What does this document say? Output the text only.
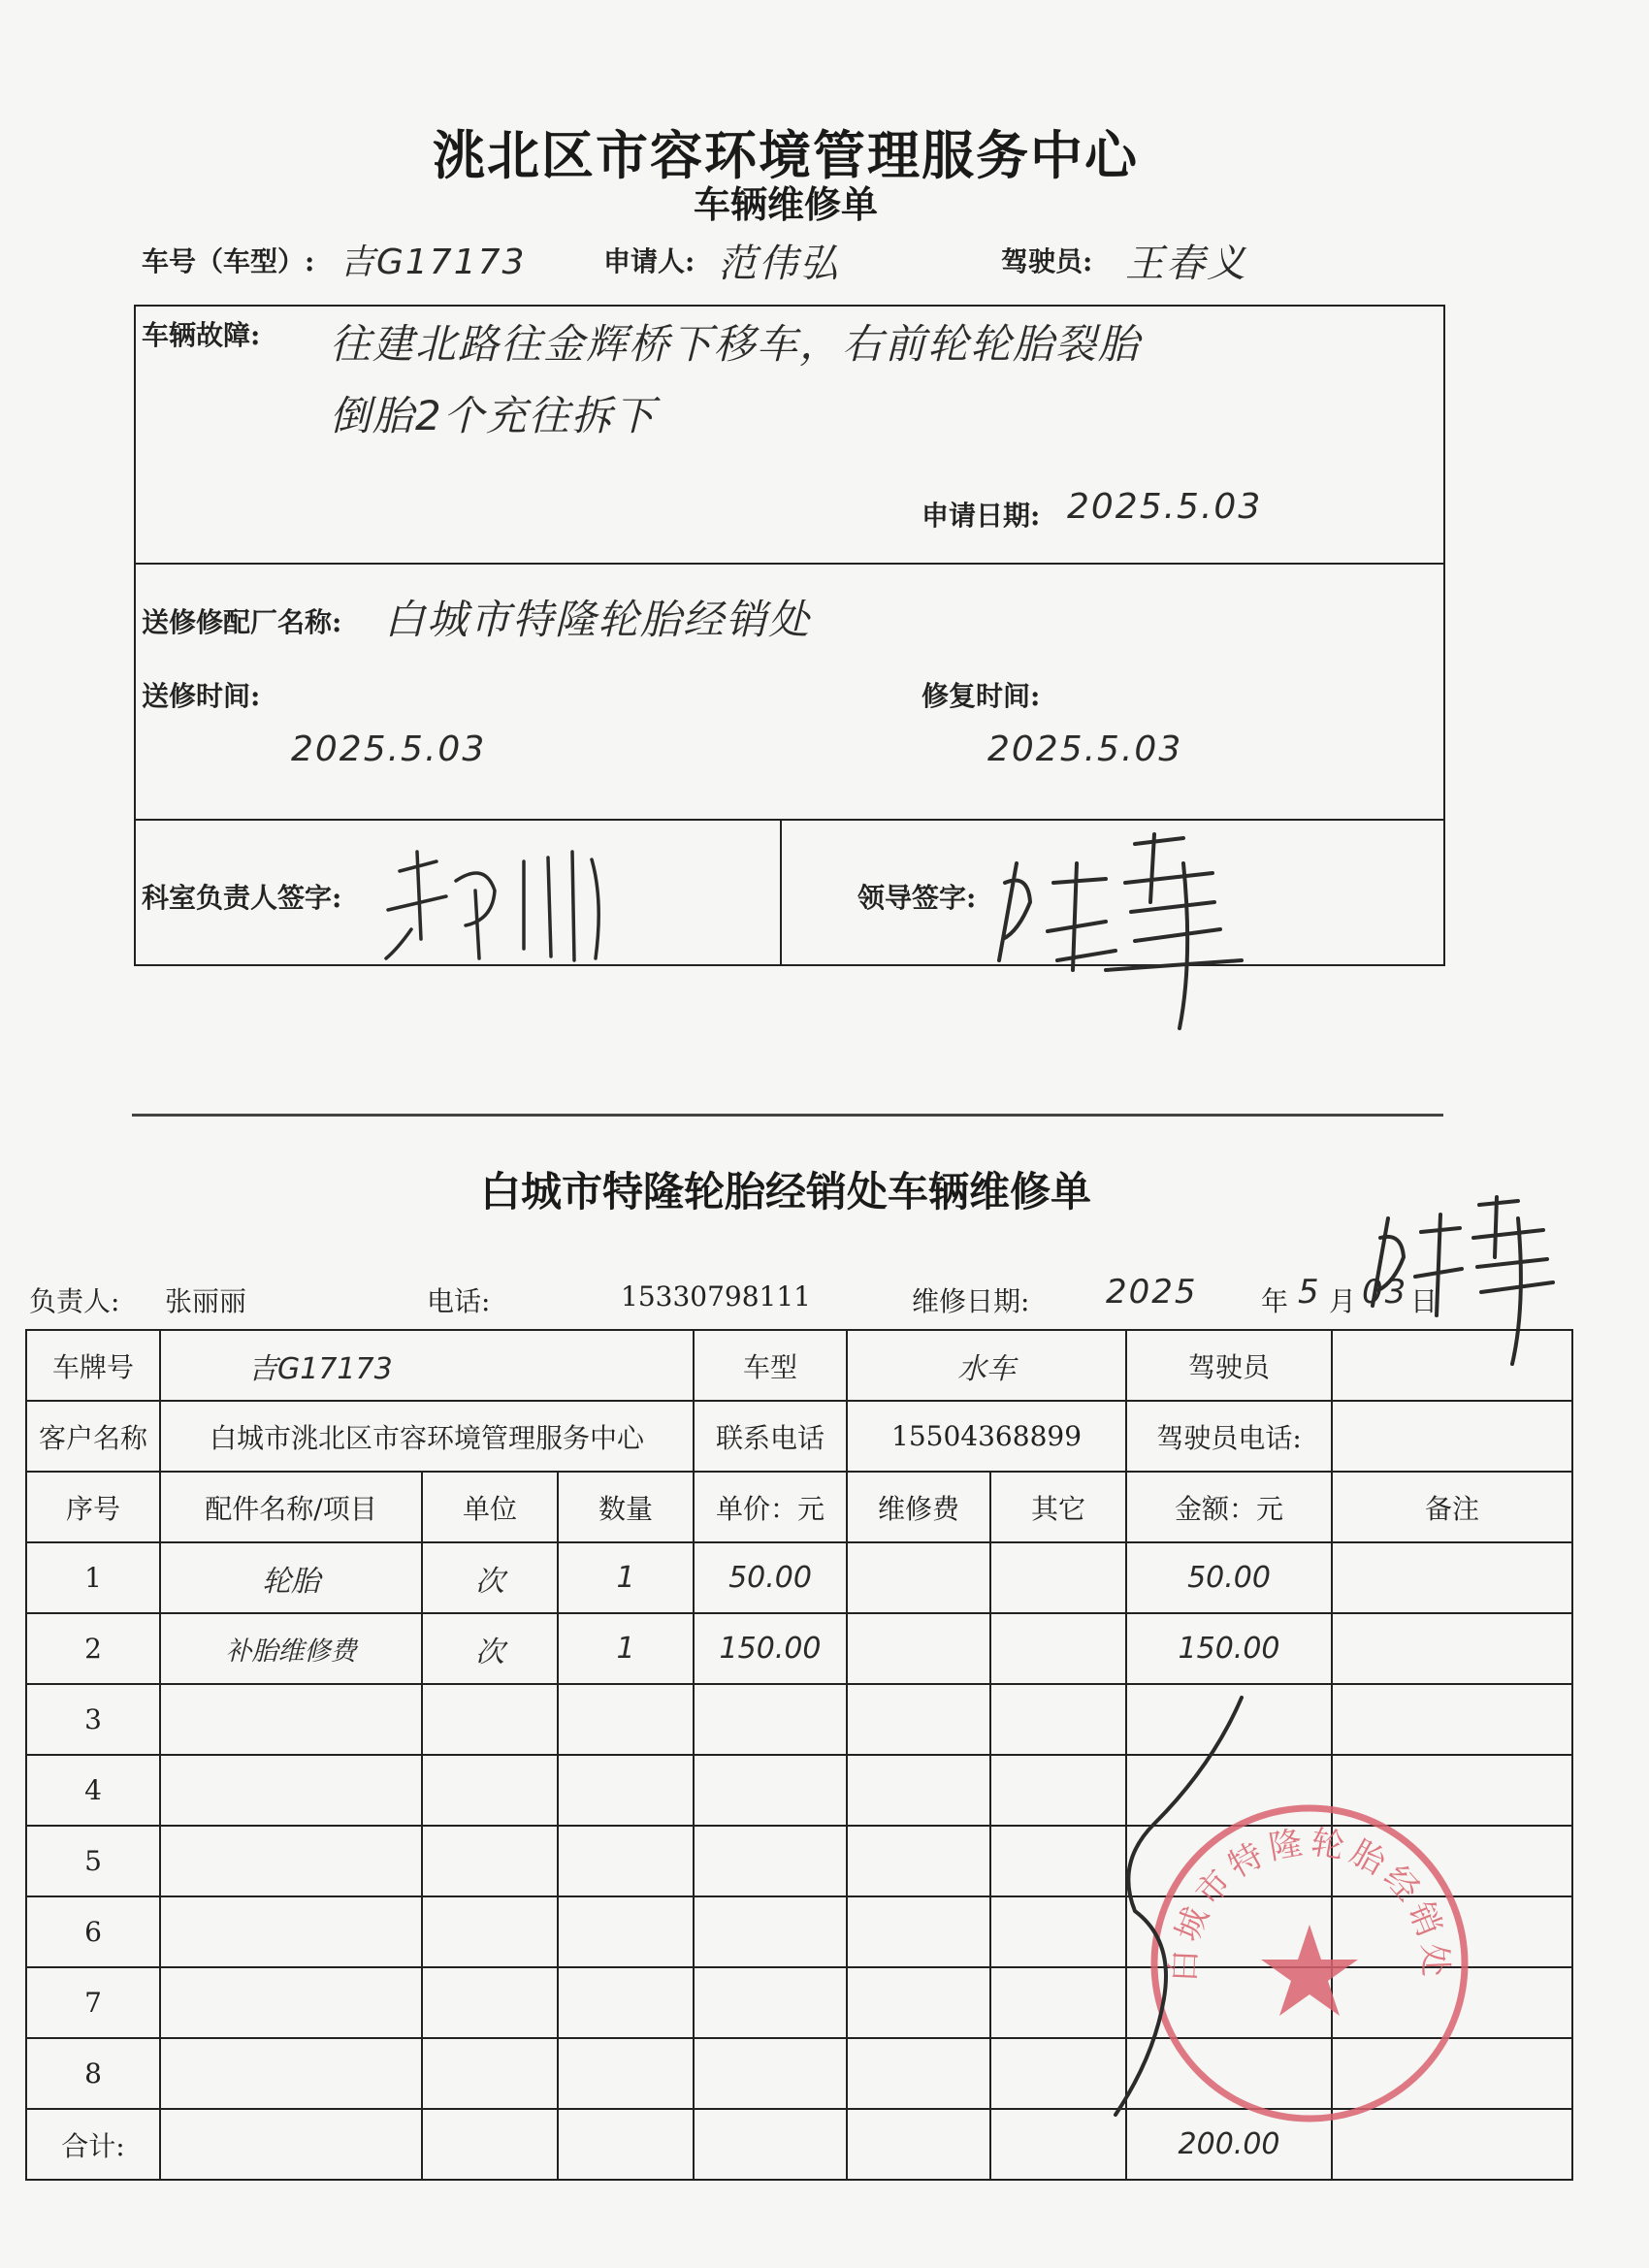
洮北区市容环境管理服务中心
车辆维修单
车号（车型）: 吉G17173	申请人: 范伟弘	驾驶员: 王春义
车辆故障: 往建北路往金辉桥下移车，右前轮轮胎裂胎
倒胎2个充往拆下
申请日期: 2025.5.03
送修修配厂名称: 白城市特隆轮胎经销处
送修时间:
2025.5.03
修复时间:
2025.5.03
科室负责人签字:	领导签字:
白城市特隆轮胎经销处车辆维修单
负责人: 张丽丽	电话:	15330798111	维修日期: 2025 年 5 月 03 日
车牌号	吉G17173			车型	水车		驾驶员	
客户名称	白城市洮北区市容环境管理服务中心			联系电话	15504368899		驾驶员电话:	
序号	配件名称/项目	单位	数量	单价：元	维修费	其它	金额：元	备注
1	轮胎	次	1	50.00			50.00	
2	补胎维修费	次	1	150.00			150.00	
3								
4								
5								
6								
7								
8								
合计:							200.00	
白城市特隆轮胎经销处
